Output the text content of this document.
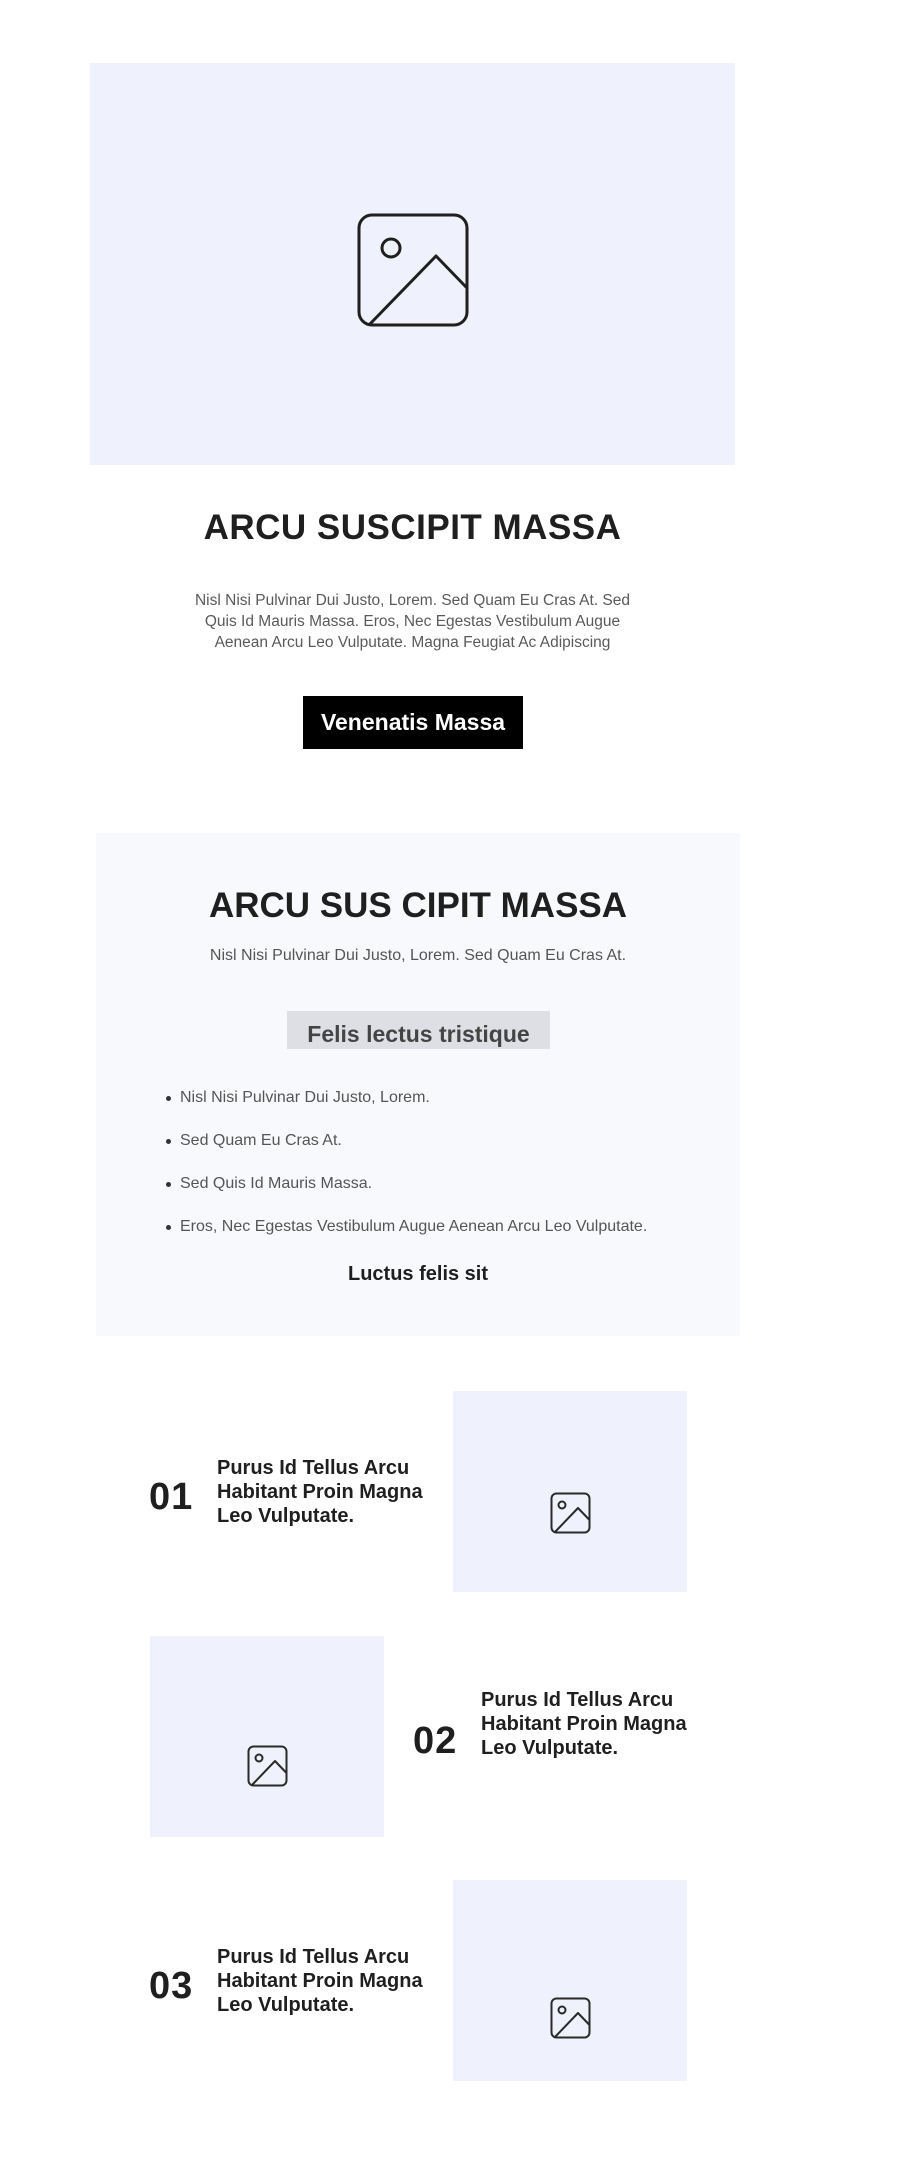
ARCU SUSCIPIT MASSA
Nisl Nisi Pulvinar Dui Justo, Lorem. Sed Quam Eu Cras At. Sed Quis Id Mauris Massa. Eros, Nec Egestas Vestibulum Augue Aenean Arcu Leo Vulputate. Magna Feugiat Ac Adipiscing
Venenatis Massa
ARCU SUS CIPIT MASSA
Nisl Nisi Pulvinar Dui Justo, Lorem. Sed Quam Eu Cras At.
Felis lectus tristique
Nisl Nisi Pulvinar Dui Justo, Lorem.
Sed Quam Eu Cras At.
Sed Quis Id Mauris Massa.
Eros, Nec Egestas Vestibulum Augue Aenean Arcu Leo Vulputate.
Luctus felis sit
01
Purus Id Tellus Arcu Habitant Proin Magna Leo Vulputate.
02
Purus Id Tellus Arcu Habitant Proin Magna Leo Vulputate.
03
Purus Id Tellus Arcu Habitant Proin Magna Leo Vulputate.
